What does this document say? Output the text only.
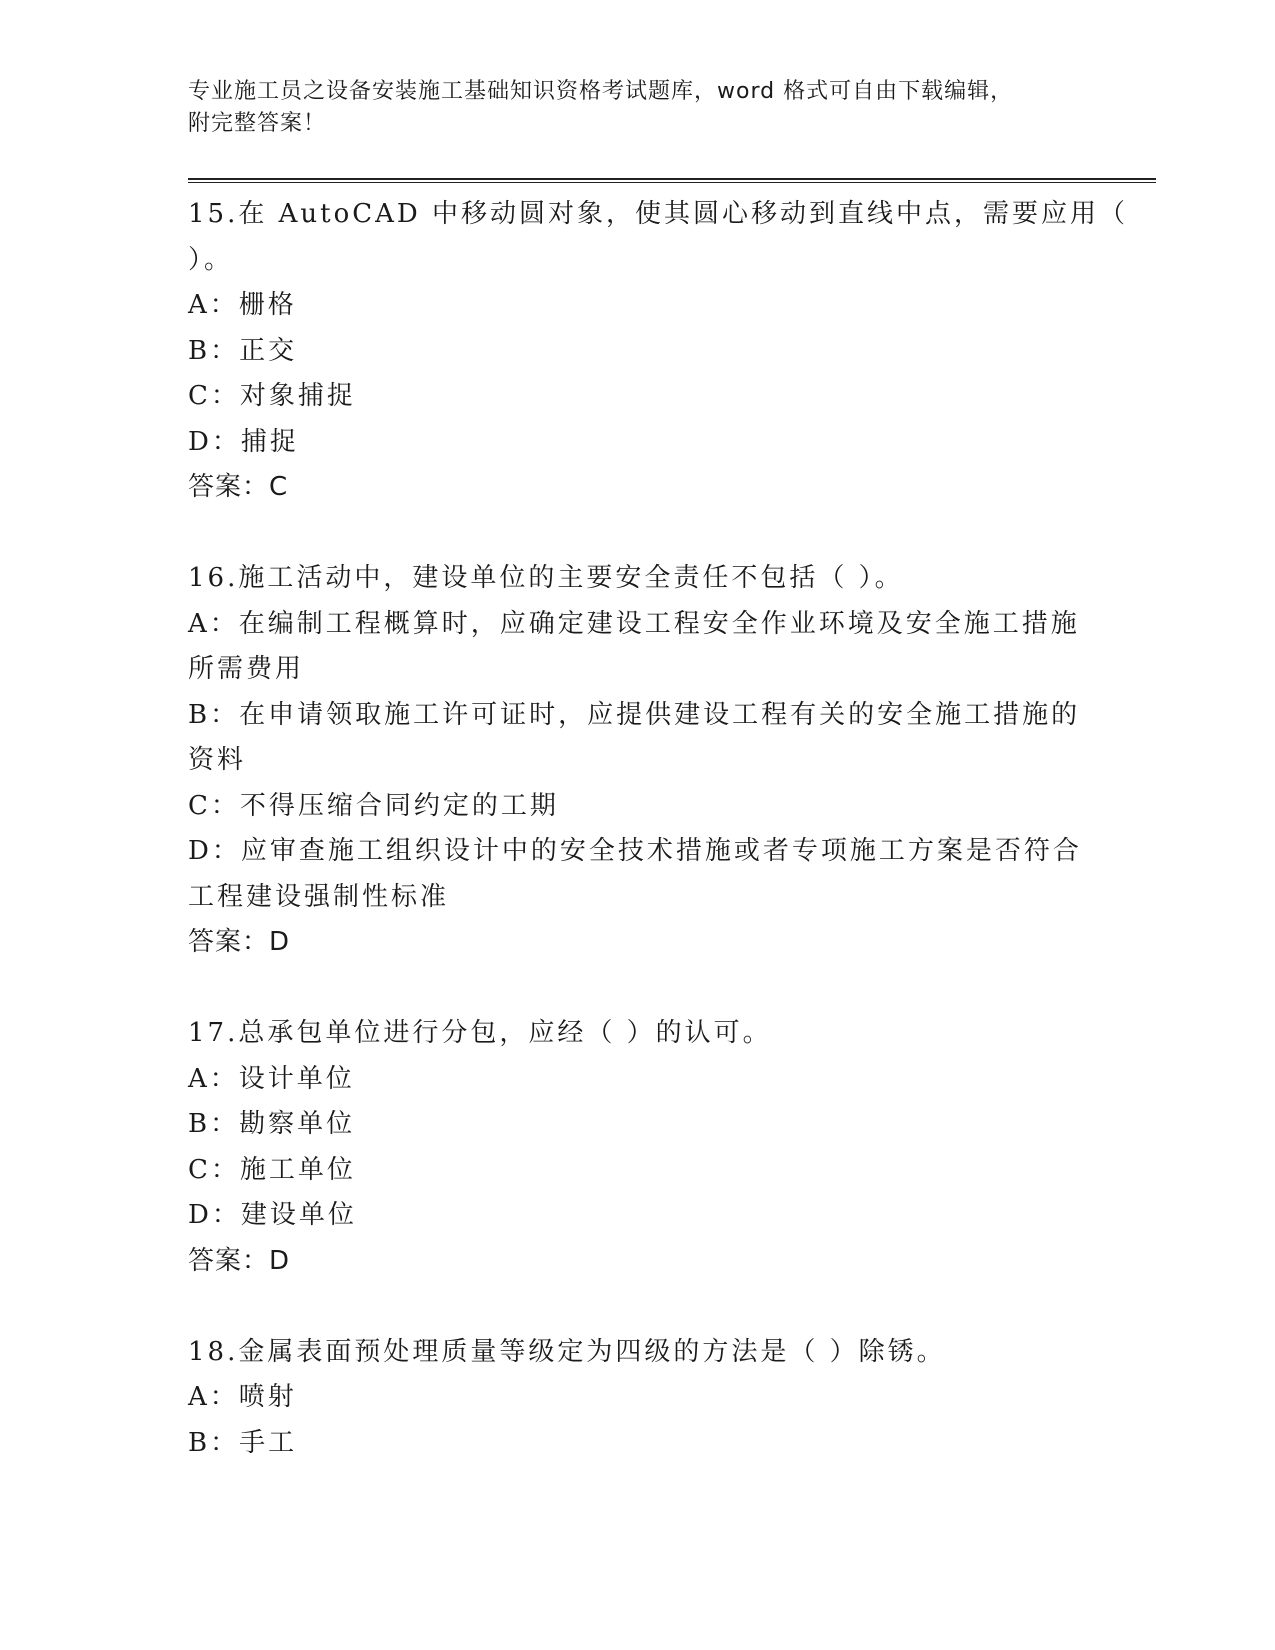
专业施工员之设备安装施工基础知识资格考试题库，word 格式可自由下载编辑，
附完整答案！
15.在 AutoCAD 中移动圆对象，使其圆心移动到直线中点，需要应用（
）。
A：栅格
B：正交
C：对象捕捉
D：捕捉
答案：C
16.施工活动中，建设单位的主要安全责任不包括（ ）。
A：在编制工程概算时，应确定建设工程安全作业环境及安全施工措施
所需费用
B：在申请领取施工许可证时，应提供建设工程有关的安全施工措施的
资料
C：不得压缩合同约定的工期
D：应审查施工组织设计中的安全技术措施或者专项施工方案是否符合
工程建设强制性标准
答案：D
17.总承包单位进行分包，应经（ ）的认可。
A：设计单位
B：勘察单位
C：施工单位
D：建设单位
答案：D
18.金属表面预处理质量等级定为四级的方法是（ ）除锈。
A：喷射
B：手工
